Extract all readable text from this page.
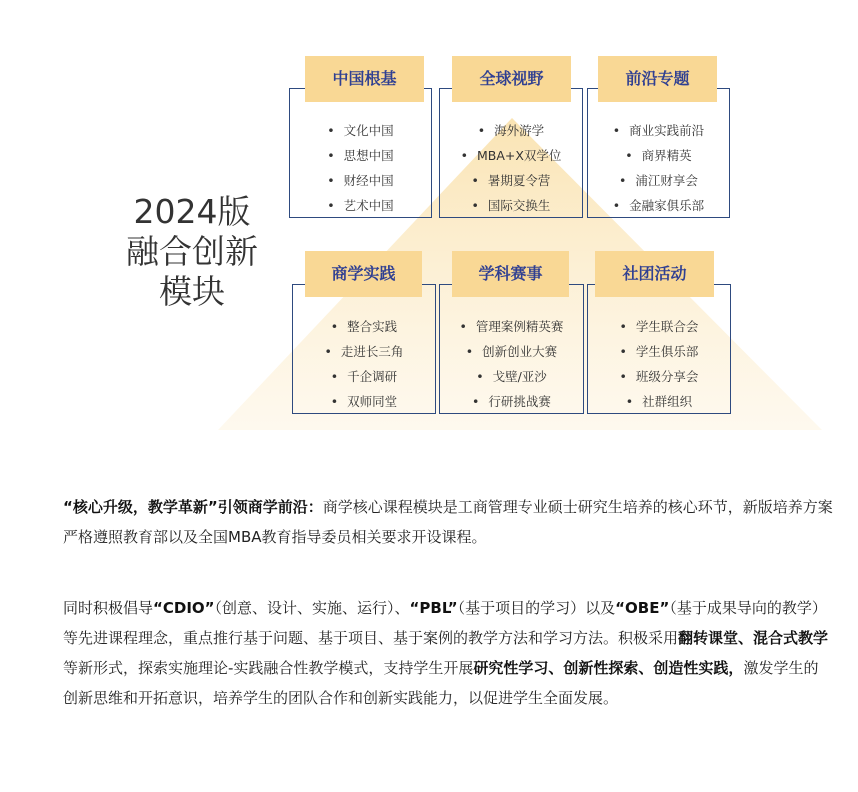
2024版
融合创新
模块
中国根基
• 文化中国
• 思想中国
• 财经中国
• 艺术中国
全球视野
• 海外游学
• MBA+X双学位
• 暑期夏令营
• 国际交换生
前沿专题
• 商业实践前沿
• 商界精英
• 浦江财享会
• 金融家俱乐部
商学实践
• 整合实践
• 走进长三角
• 千企调研
• 双师同堂
学科赛事
• 管理案例精英赛
• 创新创业大赛
• 戈壁/亚沙
• 行研挑战赛
社团活动
• 学生联合会
• 学生俱乐部
• 班级分享会
• 社群组织

“核心升级，教学革新”引领商学前沿：商学核心课程模块是工商管理专业硕士研究生培养的核心环节，新版培养方案严格遵照教育部以及全国MBA教育指导委员相关要求开设课程。

同时积极倡导“CDIO”（创意、设计、实施、运行）、“PBL”（基于项目的学习）以及“OBE”（基于成果导向的教学）等先进课程理念，重点推行基于问题、基于项目、基于案例的教学方法和学习方法。积极采用翻转课堂、混合式教学等新形式，探索实施理论-实践融合性教学模式，支持学生开展研究性学习、创新性探索、创造性实践，激发学生的创新思维和开拓意识，培养学生的团队合作和创新实践能力，以促进学生全面发展。
